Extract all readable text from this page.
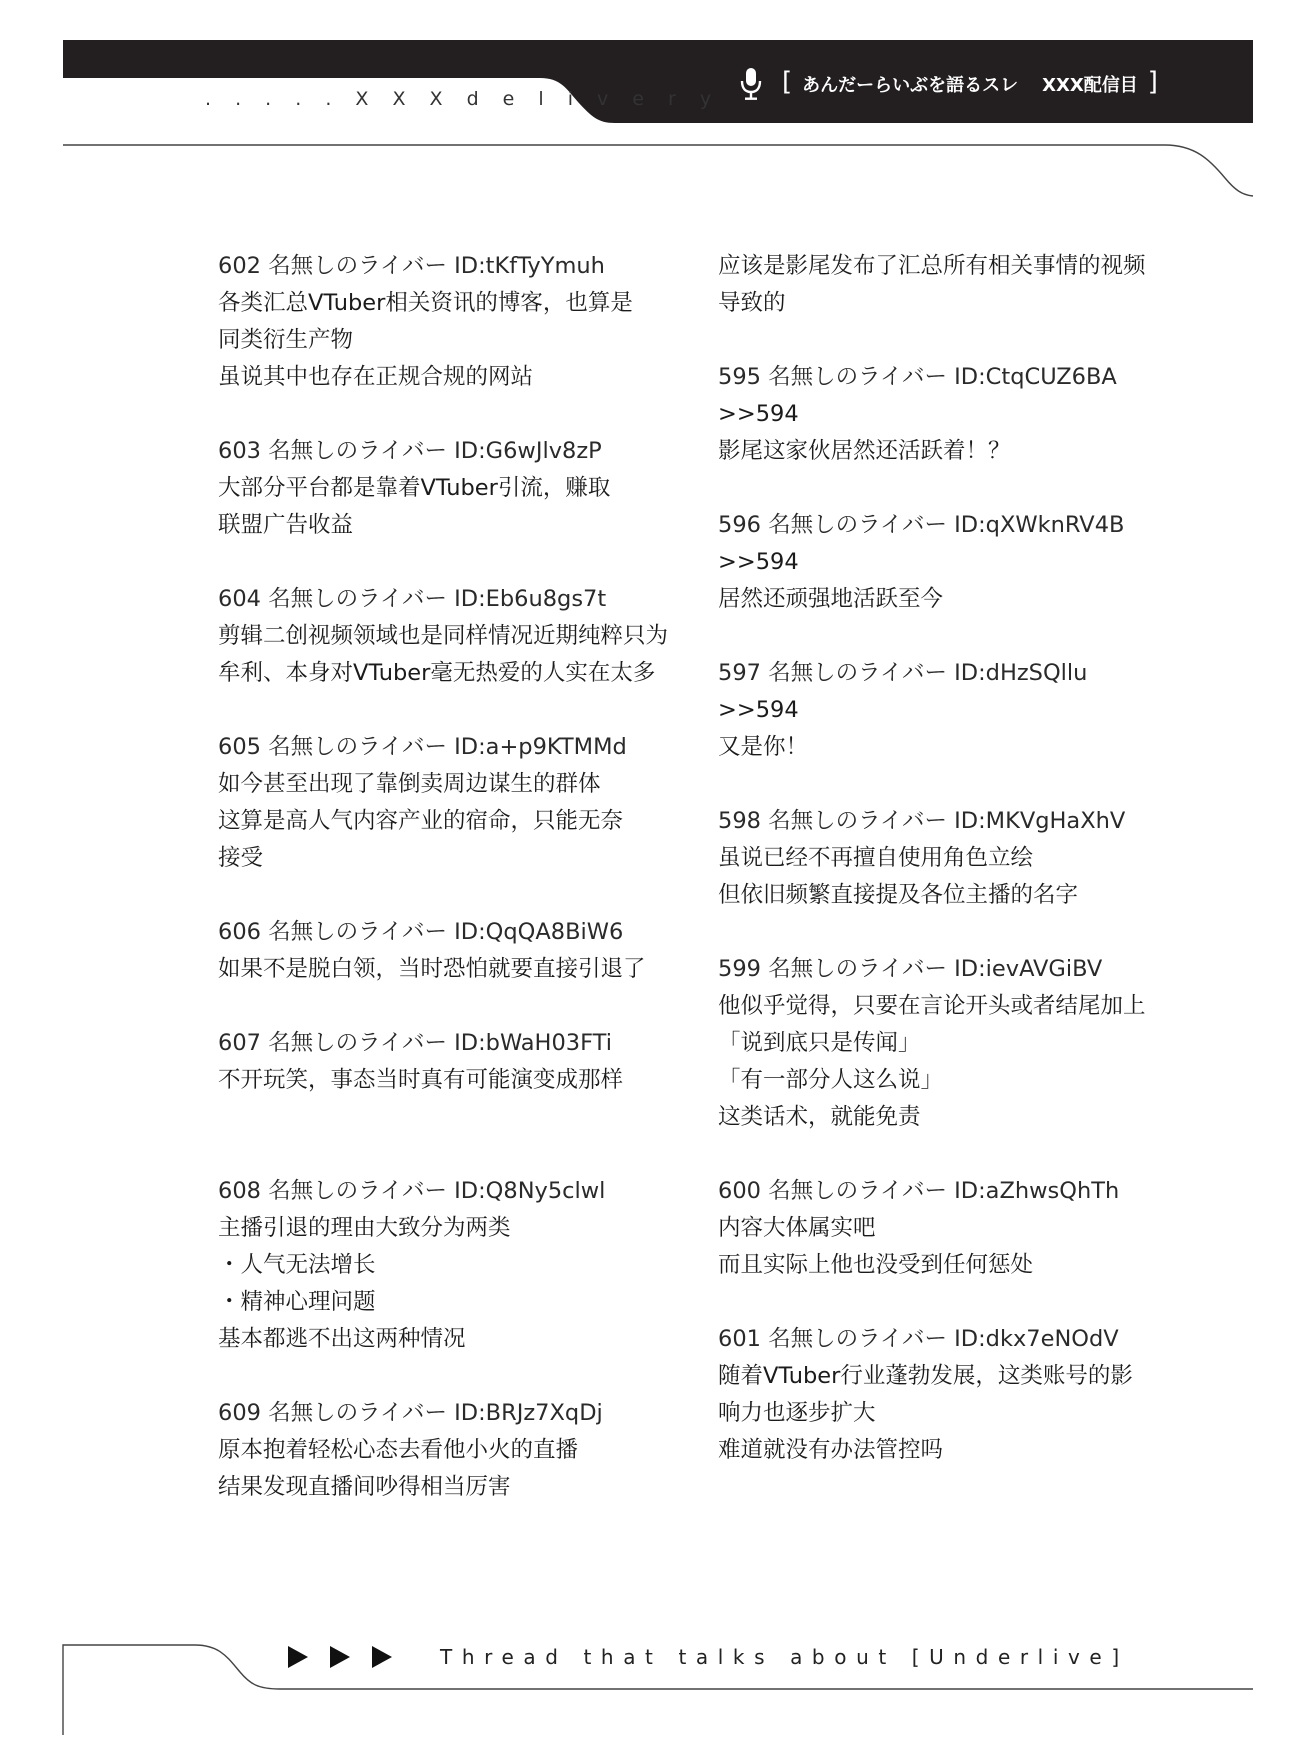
. . . . . X X X d e l i v e r y
[ あんだーらいぶを語るスレ XXX配信目 ]
602 名無しのライバー ID:tKfTyYmuh
各类汇总VTuber相关资讯的博客，也算是
同类衍生产物
虽说其中也存在正规合规的网站
603 名無しのライバー ID:G6wJlv8zP
大部分平台都是靠着VTuber引流，赚取
联盟广告收益
604 名無しのライバー ID:Eb6u8gs7t
剪辑二创视频领域也是同样情况近期纯粹只为
牟利、本身对VTuber毫无热爱的人实在太多
605 名無しのライバー ID:a+p9KTMMd
如今甚至出现了靠倒卖周边谋生的群体
这算是高人气内容产业的宿命，只能无奈
接受
606 名無しのライバー ID:QqQA8BiW6
如果不是脱白领，当时恐怕就要直接引退了
607 名無しのライバー ID:bWaH03FTi
不开玩笑，事态当时真有可能演变成那样
608 名無しのライバー ID:Q8Ny5clwl
主播引退的理由大致分为两类
・人气无法增长
・精神心理问题
基本都逃不出这两种情况
609 名無しのライバー ID:BRJz7XqDj
原本抱着轻松心态去看他小火的直播
结果发现直播间吵得相当厉害
应该是影尾发布了汇总所有相关事情的视频
导致的
595 名無しのライバー ID:CtqCUZ6BA
>>594
影尾这家伙居然还活跃着！？
596 名無しのライバー ID:qXWknRV4B
>>594
居然还顽强地活跃至今
597 名無しのライバー ID:dHzSQllu
>>594
又是你！
598 名無しのライバー ID:MKVgHaXhV
虽说已经不再擅自使用角色立绘
但依旧频繁直接提及各位主播的名字
599 名無しのライバー ID:ievAVGiBV
他似乎觉得，只要在言论开头或者结尾加上
「说到底只是传闻」
「有一部分人这么说」
这类话术，就能免责
600 名無しのライバー ID:aZhwsQhTh
内容大体属实吧
而且实际上他也没受到任何惩处
601 名無しのライバー ID:dkx7eNOdV
随着VTuber行业蓬勃发展，这类账号的影
响力也逐步扩大
难道就没有办法管控吗
Thread that talks about [Underlive]
